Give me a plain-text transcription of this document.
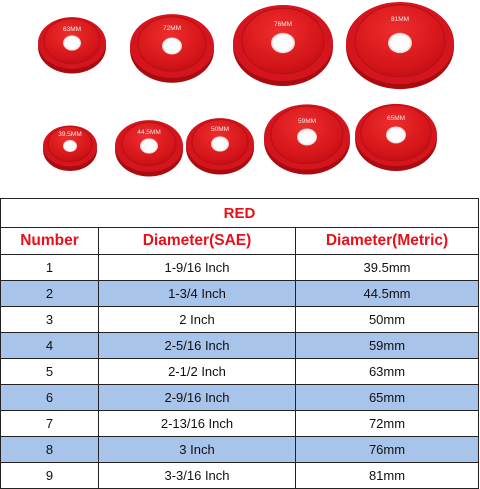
63MM	72MM
76MM
81MM
39.5MM	44.5MM	50MM
59MM	65MM
RED		
Number	Diameter(SAE)	Diameter(Metric)
1	1-9/16 Inch	39.5mm
2	1-3/4 Inch	44.5mm
3	2 Inch	50mm
4	2-5/16 Inch	59mm
5	2-1/2 Inch	63mm
6	2-9/16 Inch	65mm
7	2-13/16 Inch	72mm
8	3 Inch	76mm
9	3-3/16 Inch	81mm
